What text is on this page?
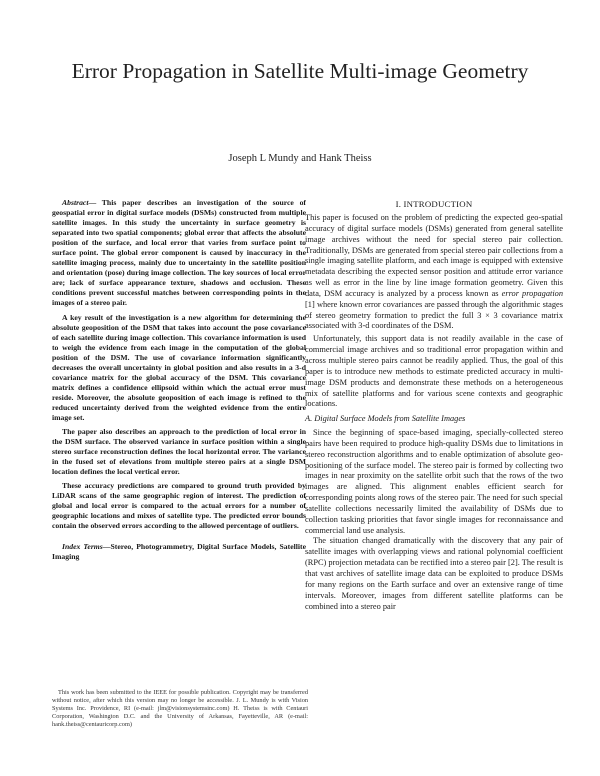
Error Propagation in Satellite Multi-image Geometry
Joseph L Mundy and Hank Theiss

Abstract— This paper describes an investigation of the source of geospatial error in digital surface models (DSMs) constructed from multiple satellite images. In this study the uncertainty in surface geometry is separated into two spatial components; global error that affects the absolute position of the surface, and local error that varies from surface point to surface point. The global error component is caused by inaccuracy in the satellite imaging process, mainly due to uncertainty in the satellite position and orientation (pose) during image collection. The key sources of local error are; lack of surface appearance texture, shadows and occlusion. These conditions prevent successful matches between corresponding points in the images of a stereo pair.

A key result of the investigation is a new algorithm for determining the absolute geoposition of the DSM that takes into account the pose covariance of each satellite during image collection. This covariance information is used to weigh the evidence from each image in the computation of the global position of the DSM. The use of covariance information significantly decreases the overall uncertainty in global position and also results in a 3-d covariance matrix for the global accuracy of the DSM. This covariance matrix defines a confidence ellipsoid within which the actual error must reside. Moreover, the absolute geoposition of each image is refined to the reduced uncertainty derived from the weighted evidence from the entire image set.

The paper also describes an approach to the prediction of local error in the DSM surface. The observed variance in surface position within a single stereo surface reconstruction defines the local horizontal error. The variance in the fused set of elevations from multiple stereo pairs at a single DSM location defines the local vertical error.

These accuracy predictions are compared to ground truth provided by LiDAR scans of the same geographic region of interest. The prediction of global and local error is compared to the actual errors for a number of geographic locations and mixes of satellite type. The predicted error bounds contain the observed errors according to the allowed percentage of outliers.

Index Terms—Stereo, Photogrammetry, Digital Surface Models, Satellite Imaging

This work has been submitted to the IEEE for possible publication. Copyright may be transferred without notice, after which this version may no longer be accessible. J. L. Mundy is with Vision Systems Inc. Providence, RI (e-mail: jlm@visionsystemsinc.com) H. Theiss is with Centauri Corporation, Washington D.C. and the University of Arkansas, Fayetteville, AR (e-mail: hank.theiss@centauricorp.com)
I. INTRODUCTION

This paper is focused on the problem of predicting the expected geo-spatial accuracy of digital surface models (DSMs) generated from general satellite image archives without the need for special stereo pair collection. Traditionally, DSMs are generated from special stereo pair collections from a single imaging satellite platform, and each image is equipped with extensive metadata describing the expected sensor position and attitude error variance as well as error in the line by line image formation geometry. Given this data, DSM accuracy is analyzed by a process known as error propagation [1] where known error covariances are passed through the algorithmic stages of stereo geometry formation to predict the full 3 × 3 covariance matrix associated with 3-d coordinates of the DSM.

Unfortunately, this support data is not readily available in the case of commercial image archives and so traditional error propagation within and across multiple stereo pairs cannot be readily applied. Thus, the goal of this paper is to introduce new methods to estimate predicted accuracy in multi-image DSM products and demonstrate these methods on a heterogeneous mix of satellite platforms and for various scene contexts and geographic locations.

A. Digital Surface Models from Satellite Images

Since the beginning of space-based imaging, specially-collected stereo pairs have been required to produce high-quality DSMs due to limitations in stereo reconstruction algorithms and to enable optimization of absolute geo-positioning of the surface model. The stereo pair is formed by collecting two images in near proximity on the satellite orbit such that the rows of the two images are aligned. This alignment enables efficient search for corresponding points along rows of the stereo pair. The need for such special satellite collections necessarily limited the availability of DSMs due to collection tasking priorities that favor single images for reconnaissance and commercial land use analysis.

The situation changed dramatically with the discovery that any pair of satellite images with overlapping views and rational polynomial coefficient (RPC) projection metadata can be rectified into a stereo pair [2]. The result is that vast archives of satellite image data can be exploited to produce DSMs for many regions on the Earth surface and over an extensive range of time intervals. Moreover, images from different satellite platforms can be combined into a stereo pair
